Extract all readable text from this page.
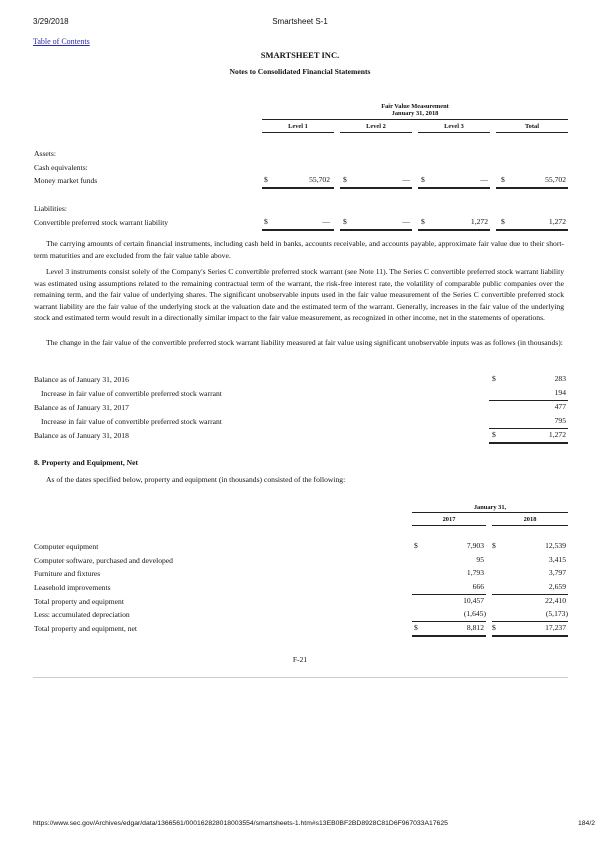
3/29/2018	Smartsheet S-1
Table of Contents
SMARTSHEET INC.
Notes to Consolidated Financial Statements
Fair Value Measurement
January 31, 2018
Level 1	Level 2	Level 3	Total
Assets:
Cash equivalents:
Money market funds	$	55,702 $	— $	— $	55,702
Liabilities:
Convertible preferred stock warrant liability	$	— $	— $	1,272 $	1,272
The carrying amounts of certain financial instruments, including cash held in banks, accounts receivable, and accounts payable, approximate fair value due to their short-term maturities and are excluded from the fair value table above.
Level 3 instruments consist solely of the Company's Series C convertible preferred stock warrant (see Note 11). The Series C convertible preferred stock warrant liability was estimated using assumptions related to the remaining contractual term of the warrant, the risk-free interest rate, the volatility of comparable public companies over the remaining term, and the fair value of underlying shares. The significant unobservable inputs used in the fair value measurement of the Series C convertible preferred stock warrant liability are the fair value of the underlying stock at the valuation date and the estimated term of the warrant. Generally, increases in the fair value of the underlying stock and estimated term would result in a directionally similar impact to the fair value measurement, as recognized in other income, net in the statements of operations.
The change in the fair value of the convertible preferred stock warrant liability measured at fair value using significant unobservable inputs was as follows (in thousands):
Balance as of January 31, 2016	$	283
Increase in fair value of convertible preferred stock warrant	194
Balance as of January 31, 2017	477
Increase in fair value of convertible preferred stock warrant	795
Balance as of January 31, 2018	$	1,272
8. Property and Equipment, Net
As of the dates specified below, property and equipment (in thousands) consisted of the following:
January 31,
2017	2018
Computer equipment	$	7,903 $	12,539
Computer software, purchased and developed	95	3,415
Furniture and fixtures	1,793	3,797
Leasehold improvements	666	2,659
Total property and equipment	10,457	22,410
Less: accumulated depreciation	(1,645)	(5,173)
Total property and equipment, net	$	8,812 $	17,237
F-21
https://www.sec.gov/Archives/edgar/data/1366561/000162828018003554/smartsheets-1.htm#s13EB0BF2BD8928C81D6F967033A17625	184/2
